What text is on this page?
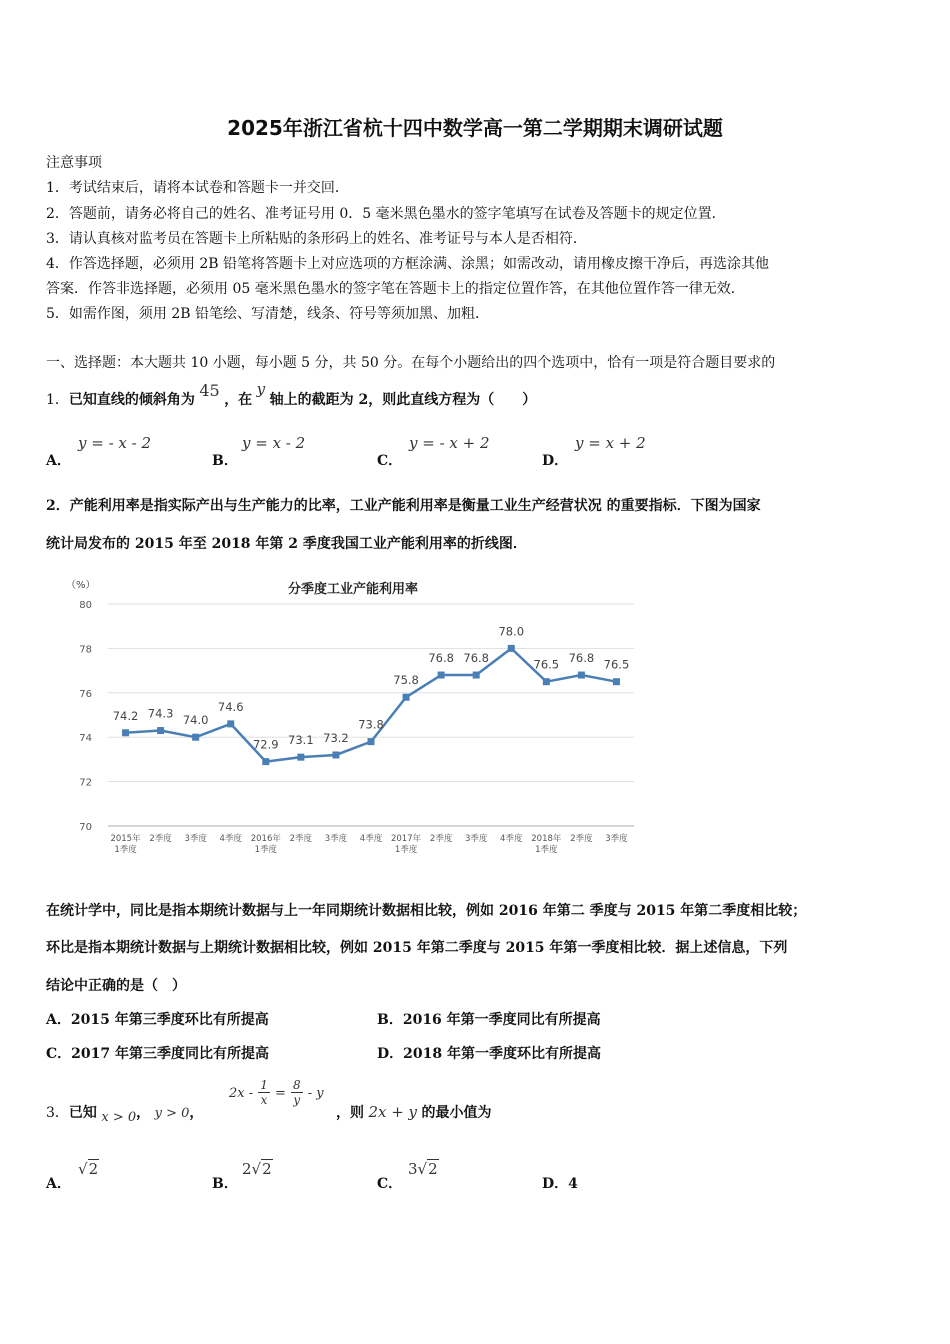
2025年浙江省杭十四中数学高一第二学期期末调研试题
注意事项
1．考试结束后，请将本试卷和答题卡一并交回．
2．答题前，请务必将自己的姓名、准考证号用 0．5 毫米黑色墨水的签字笔填写在试卷及答题卡的规定位置．
3．请认真核对监考员在答题卡上所粘贴的条形码上的姓名、准考证号与本人是否相符．
4．作答选择题，必须用 2B 铅笔将答题卡上对应选项的方框涂满、涂黑；如需改动，请用橡皮擦干净后，再选涂其他
答案．作答非选择题，必须用 05 毫米黑色墨水的签字笔在答题卡上的指定位置作答，在其他位置作答一律无效．
5．如需作图，须用 2B 铅笔绘、写清楚，线条、符号等须加黑、加粗．
一、选择题：本大题共 10 小题，每小题 5 分，共 50 分。在每个小题给出的四个选项中，恰有一项是符合题目要求的
1．已知直线的倾斜角为 45 ，在 y 轴上的截距为 2，则此直线方程为（　　）
A．
y = - x - 2
B．
y = x - 2
C．
y = - x + 2
D．
y = x + 2
2．产能利用率是指实际产出与生产能力的比率，工业产能利用率是衡量工业生产经营状况 的重要指标．下图为国家
统计局发布的 2015 年至 2018 年第 2 季度我国工业产能利用率的折线图．
分季度工业产能利用率
（%）
70
72
74
76
78
80
2015年
1季度
2季度 3季度 4季度 2016年
1季度
2季度 3季度 4季度 2017年
1季度
2季度 3季度 4季度 2018年
1季度
2季度 3季度
74.2 74.3 74.0
74.6
72.9 73.1 73.2
73.8
75.8
76.8 76.8
78.0
76.5 76.8 76.5
在统计学中，同比是指本期统计数据与上一年同期统计数据相比较，例如 2016 年第二 季度与 2015 年第二季度相比较；
环比是指本期统计数据与上期统计数据相比较，例如 2015 年第二季度与 2015 年第一季度相比较．据上述信息，下列
结论中正确的是（　）
A．2015 年第三季度环比有所提高	B．2016 年第一季度同比有所提高
C．2017 年第三季度同比有所提高	D．2018 年第一季度环比有所提高
3．已知 x > 0， y > 0，
$2x - \frac{1}{x} = \frac{8}{y} - y$
，则 2x + y 的最小值为
A．
√2
B．
2√2
C．
3√2
D．4
